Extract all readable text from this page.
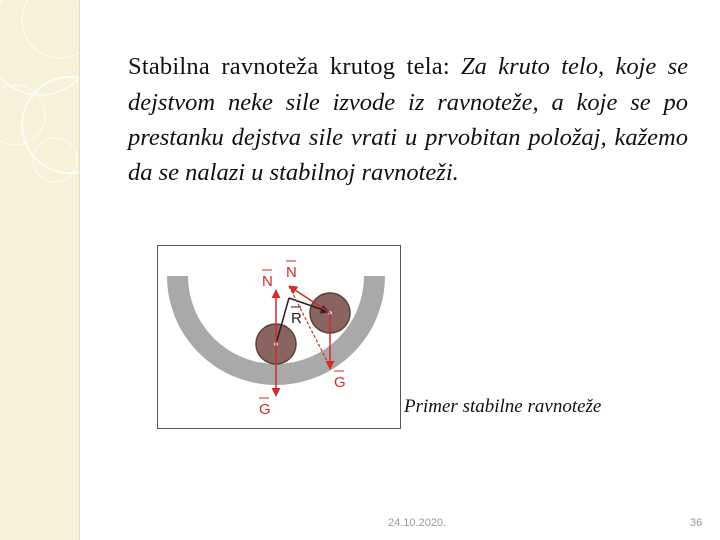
Stabilna ravnoteža krutog tela: Za kruto telo, koje se dejstvom neke sile izvode iz ravnoteže, a koje se po prestanku dejstva sile vrati u prvobitan položaj, kažemo da se nalazi u stabilnoj ravnoteži.

N
N
R
G
G	Primer stabilne ravnoteže
24.10.2020.	36
